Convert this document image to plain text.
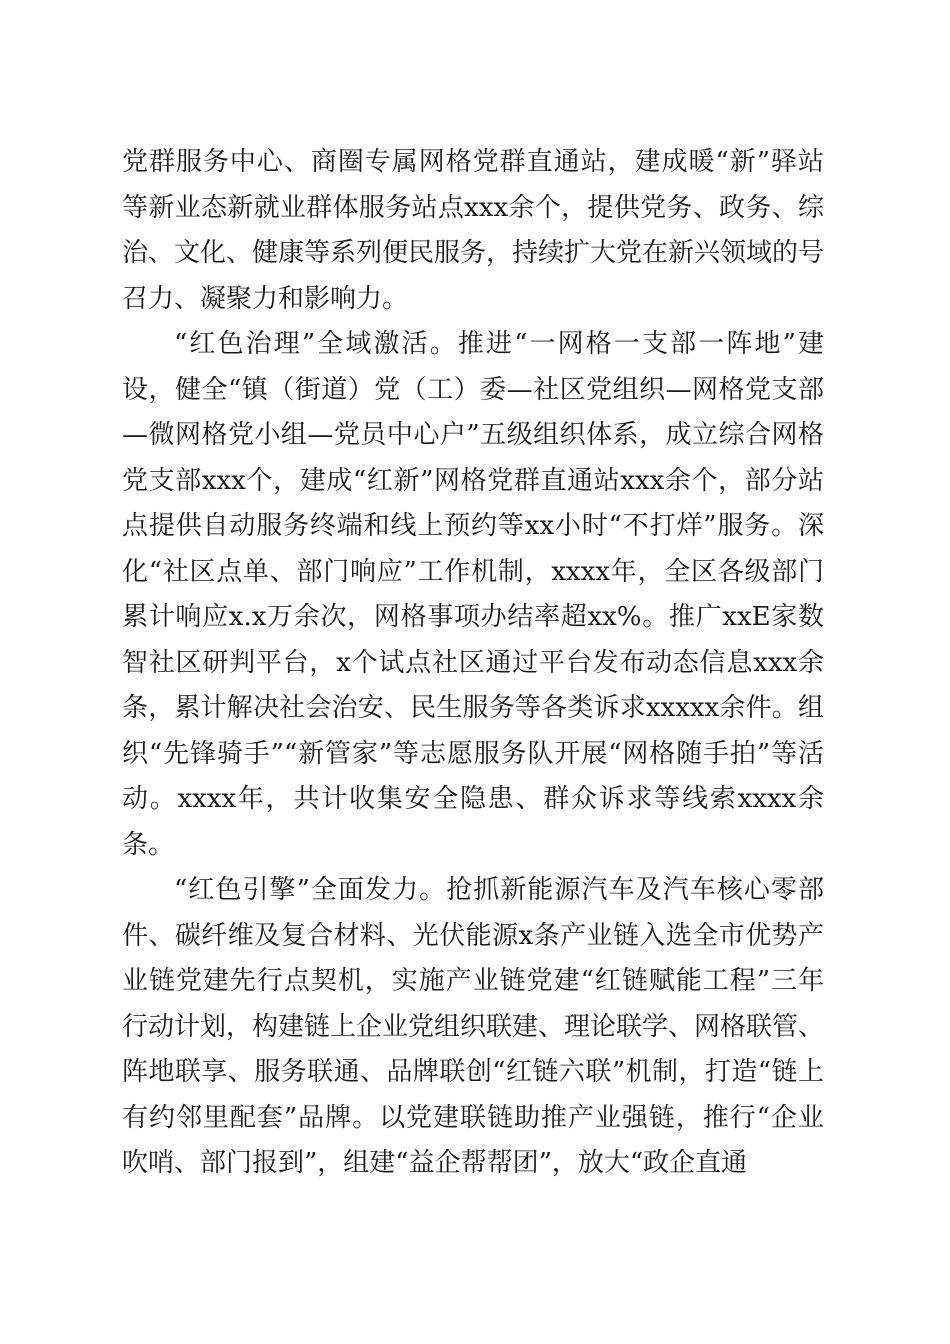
党群服务中心、商圈专属网格党群直通站，建成暖“新”驿站等新业态新就业群体服务站点xxx余个，提供党务、政务、综治、文化、健康等系列便民服务，持续扩大党在新兴领域的号召力、凝聚力和影响力。

“红色治理”全域激活。推进“一网格一支部一阵地”建设，健全“镇（街道）党（工）委—社区党组织—网格党支部—微网格党小组—党员中心户”五级组织体系，成立综合网格党支部xxx个，建成“红新”网格党群直通站xxx余个，部分站点提供自动服务终端和线上预约等xx小时“不打烊”服务。深化“社区点单、部门响应”工作机制，xxxx年，全区各级部门累计响应x.x万余次，网格事项办结率超xx%。推广xxE家数智社区研判平台，x个试点社区通过平台发布动态信息xxx余条，累计解决社会治安、民生服务等各类诉求xxxxx余件。组织“先锋骑手”“新管家”等志愿服务队开展“网格随手拍”等活动。xxxx年，共计收集安全隐患、群众诉求等线索xxxx余条。

“红色引擎”全面发力。抢抓新能源汽车及汽车核心零部件、碳纤维及复合材料、光伏能源x条产业链入选全市优势产业链党建先行点契机，实施产业链党建“红链赋能工程”三年行动计划，构建链上企业党组织联建、理论联学、网格联管、阵地联享、服务联通、品牌联创“红链六联”机制，打造“链上有约邻里配套”品牌。以党建联链助推产业强链，推行“企业吹哨、部门报到”，组建“益企帮帮团”，放大“政企直通
